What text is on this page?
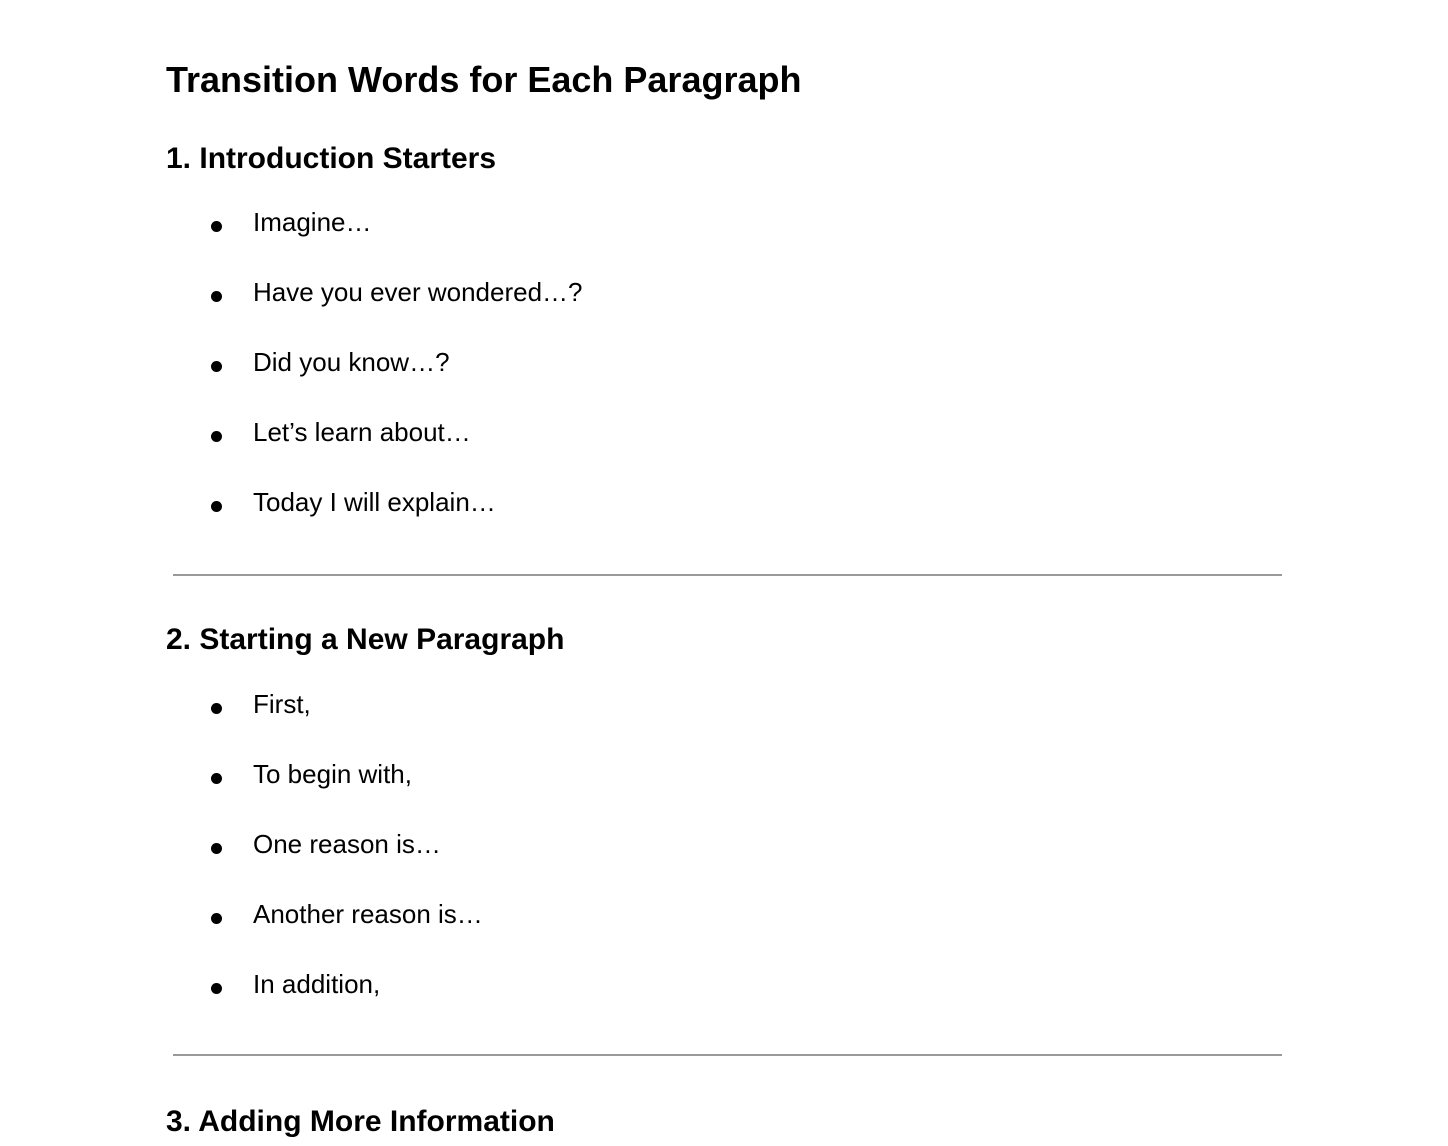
Transition Words for Each Paragraph
1. Introduction Starters
Imagine…
Have you ever wondered…?
Did you know…?
Let’s learn about…
Today I will explain…
2. Starting a New Paragraph
First,
To begin with,
One reason is…
Another reason is…
In addition,
3. Adding More Information
